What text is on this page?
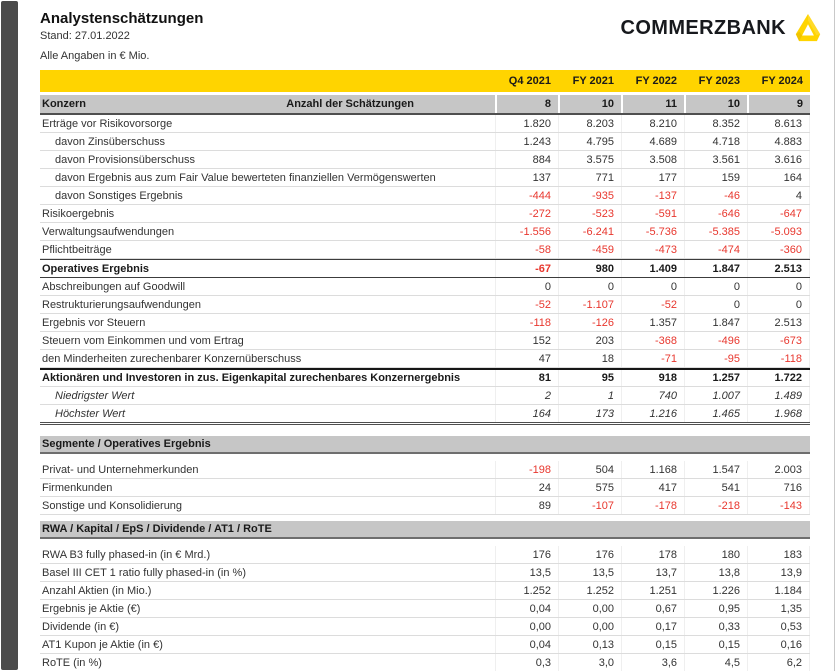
Analystenschätzungen
Stand: 27.01.2022	COMMERZBANK
Alle Angaben in € Mio.
Q4 2021	FY 2021	FY 2022	FY 2023	FY 2024
Konzern	Anzahl der Schätzungen	8	10	11	10	9
Erträge vor Risikovorsorge	1.820	8.203	8.210	8.352	8.613
davon Zinsüberschuss	1.243	4.795	4.689	4.718	4.883
davon Provisionsüberschuss	884	3.575	3.508	3.561	3.616
davon Ergebnis aus zum Fair Value bewerteten finanziellen Vermögenswerten	137	771	177	159	164
davon Sonstiges Ergebnis	-444	-935	-137	-46	4
Risikoergebnis	-272	-523	-591	-646	-647
Verwaltungsaufwendungen	-1.556	-6.241	-5.736	-5.385	-5.093
Pflichtbeiträge	-58	-459	-473	-474	-360
Operatives Ergebnis	-67	980	1.409	1.847	2.513
Abschreibungen auf Goodwill	0	0	0	0	0
Restrukturierungsaufwendungen	-52	-1.107	-52	0	0
Ergebnis vor Steuern	-118	-126	1.357	1.847	2.513
Steuern vom Einkommen und vom Ertrag	152	203	-368	-496	-673
den Minderheiten zurechenbarer Konzernüberschuss	47	18	-71	-95	-118
Aktionären und Investoren in zus. Eigenkapital zurechenbares Konzernergebnis	81	95	918	1.257	1.722
Niedrigster Wert	2	1	740	1.007	1.489
Höchster Wert	164	173	1.216	1.465	1.968
Segmente / Operatives Ergebnis
Privat- und Unternehmerkunden	-198	504	1.168	1.547	2.003
Firmenkunden	24	575	417	541	716
Sonstige und Konsolidierung	89	-107	-178	-218	-143
RWA / Kapital / EpS / Dividende / AT1 / RoTE
RWA B3 fully phased-in (in € Mrd.)	176	176	178	180	183
Basel III CET 1 ratio fully phased-in (in %)	13,5	13,5	13,7	13,8	13,9
Anzahl Aktien (in Mio.)	1.252	1.252	1.251	1.226	1.184
Ergebnis je Aktie (€)	0,04	0,00	0,67	0,95	1,35
Dividende (in €)	0,00	0,00	0,17	0,33	0,53
AT1 Kupon je Aktie (in €)	0,04	0,13	0,15	0,15	0,16
RoTE (in %)	0,3	3,0	3,6	4,5	6,2
